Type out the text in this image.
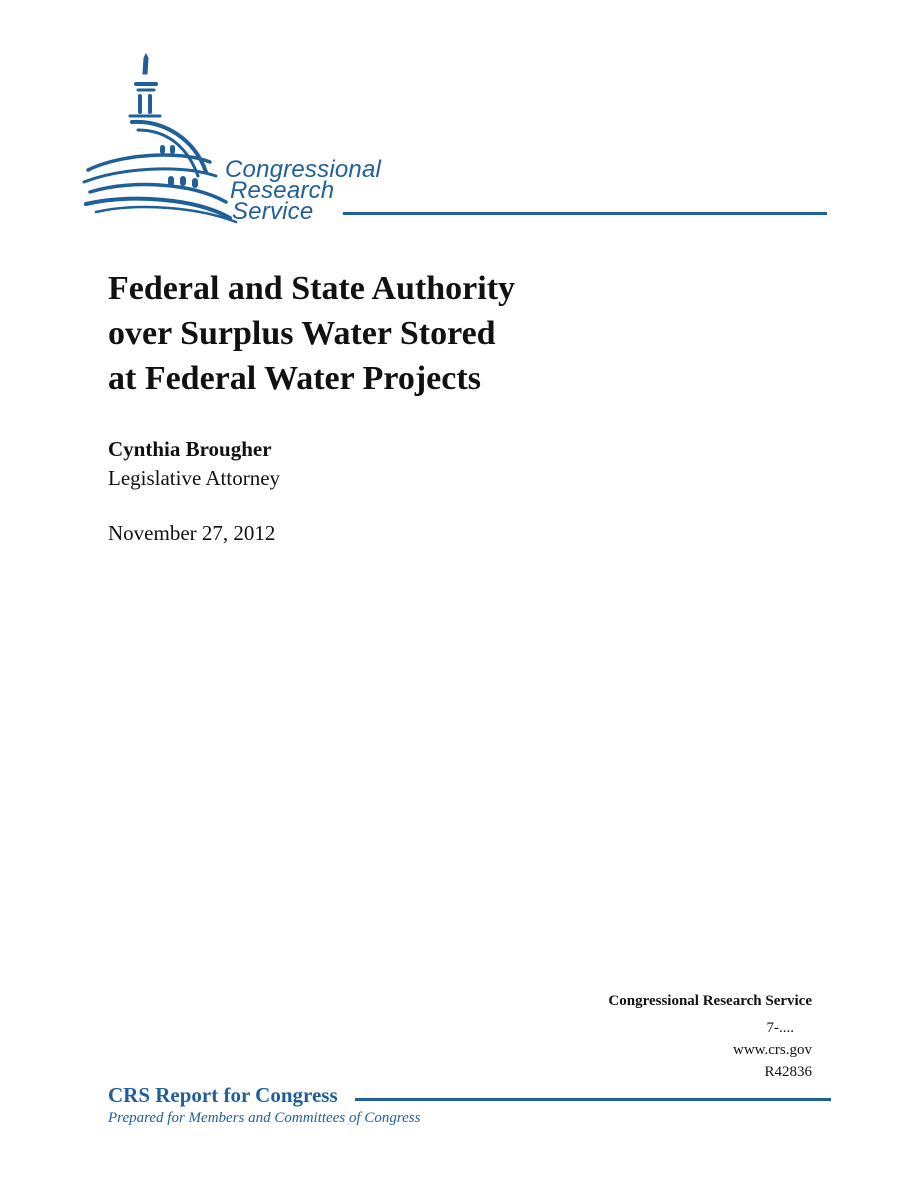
Congressional
Research
Service
Federal and State Authority
over Surplus Water Stored
at Federal Water Projects
Cynthia Brougher
Legislative Attorney
November 27, 2012
Congressional Research Service
7-....
www.crs.gov
R42836
CRS Report for Congress
Prepared for Members and Committees of Congress
